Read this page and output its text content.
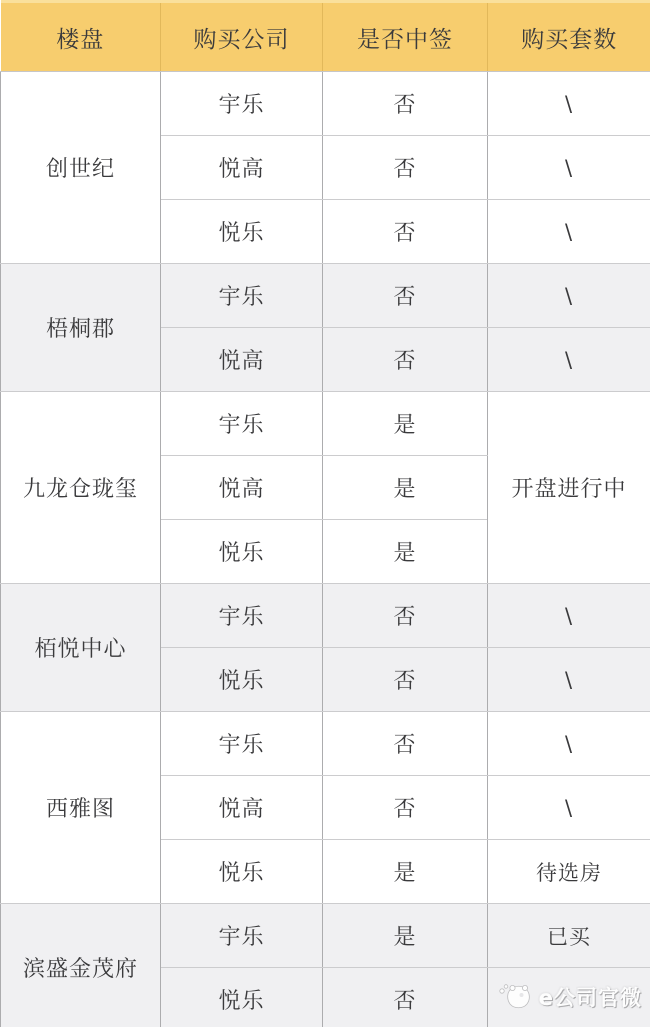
楼盘	购买公司	是否中签	购买套数
创世纪	宇乐	否	\
	悦高	否	\
	悦乐	否	\
梧桐郡	宇乐	否	\
	悦高	否	\
九龙仓珑玺	宇乐	是	开盘进行中
	悦高	是	
	悦乐	是	
栢悦中心	宇乐	否	\
	悦乐	否	\
西雅图	宇乐	否	\
	悦高	否	\
	悦乐	是	待选房
滨盛金茂府	宇乐	是	已买
	悦乐	否		e公司官微
